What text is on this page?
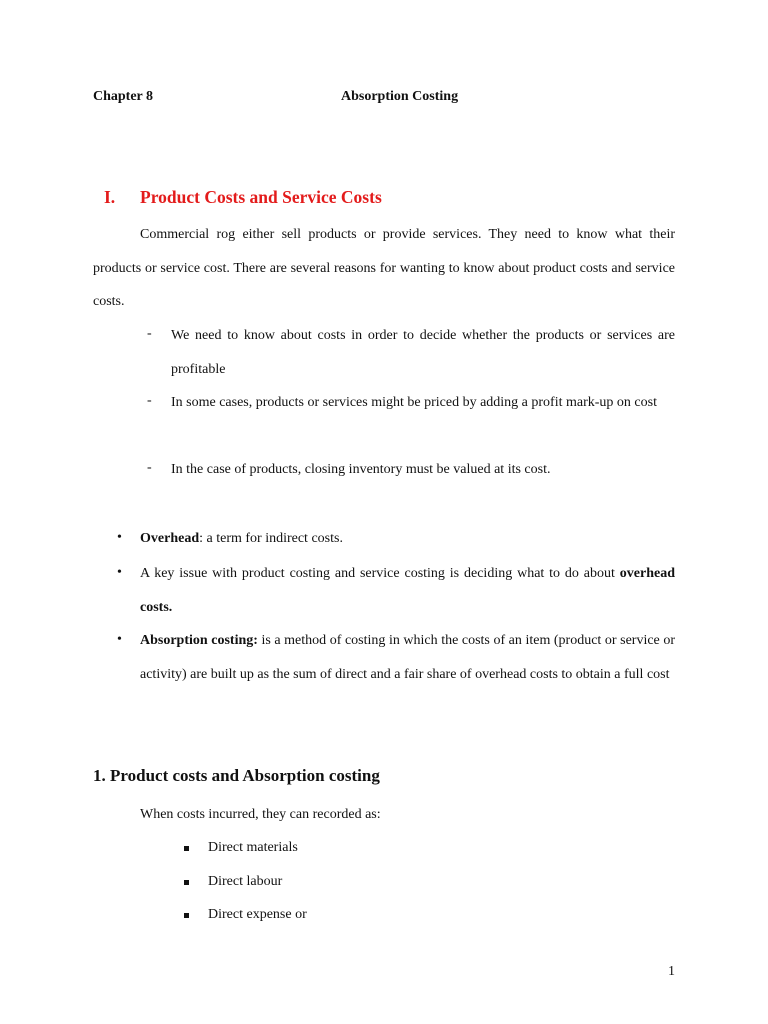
Chapter 8	Absorption Costing
I. Product Costs and Service Costs
Commercial rog either sell products or provide services. They need to know what their products or service cost. There are several reasons for wanting to know about product costs and service costs.
- We need to know about costs in order to decide whether the products or services are profitable
- In some cases, products or services might be priced by adding a profit mark-up on cost
- In the case of products, closing inventory must be valued at its cost.
• Overhead: a term for indirect costs.
• A key issue with product costing and service costing is deciding what to do about overhead costs.
• Absorption costing: is a method of costing in which the costs of an item (product or service or activity) are built up as the sum of direct and a fair share of overhead costs to obtain a full cost
1. Product costs and Absorption costing
When costs incurred, they can recorded as:
Direct materials
Direct labour
Direct expense or
1
